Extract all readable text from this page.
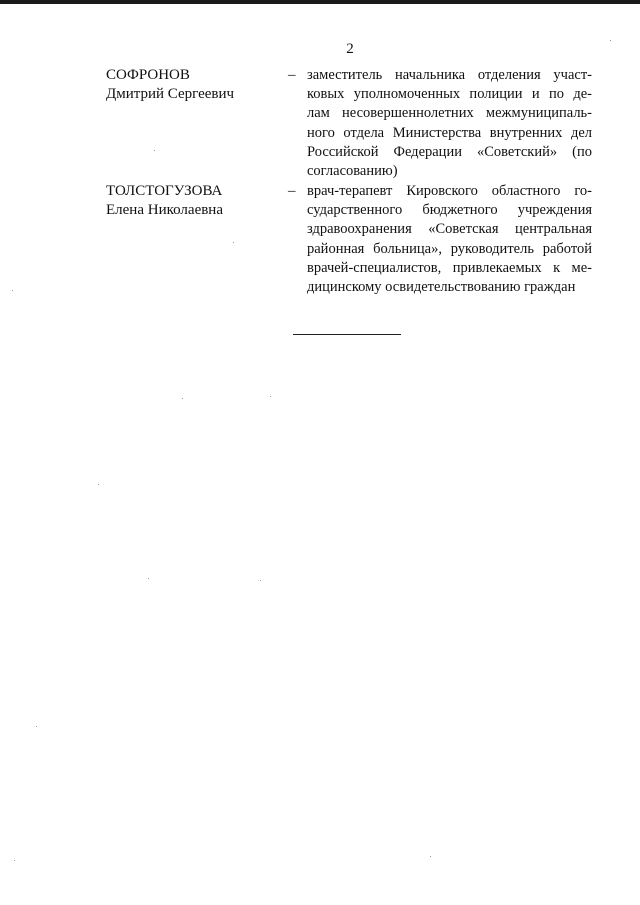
2
СОФРОНОВ
Дмитрий Сергеевич
– заместитель начальника отделения участ-
ковых уполномоченных полиции и по де-
лам несовершеннолетних межмуниципаль-
ного отдела Министерства внутренних дел
Российской Федерации «Советский» (по
согласованию)
ТОЛСТОГУЗОВА
Елена Николаевна
– врач-терапевт Кировского областного го-
сударственного бюджетного учреждения
здравоохранения «Советская центральная
районная больница», руководитель работой
врачей-специалистов, привлекаемых к ме-
дицинскому освидетельствованию граждан
